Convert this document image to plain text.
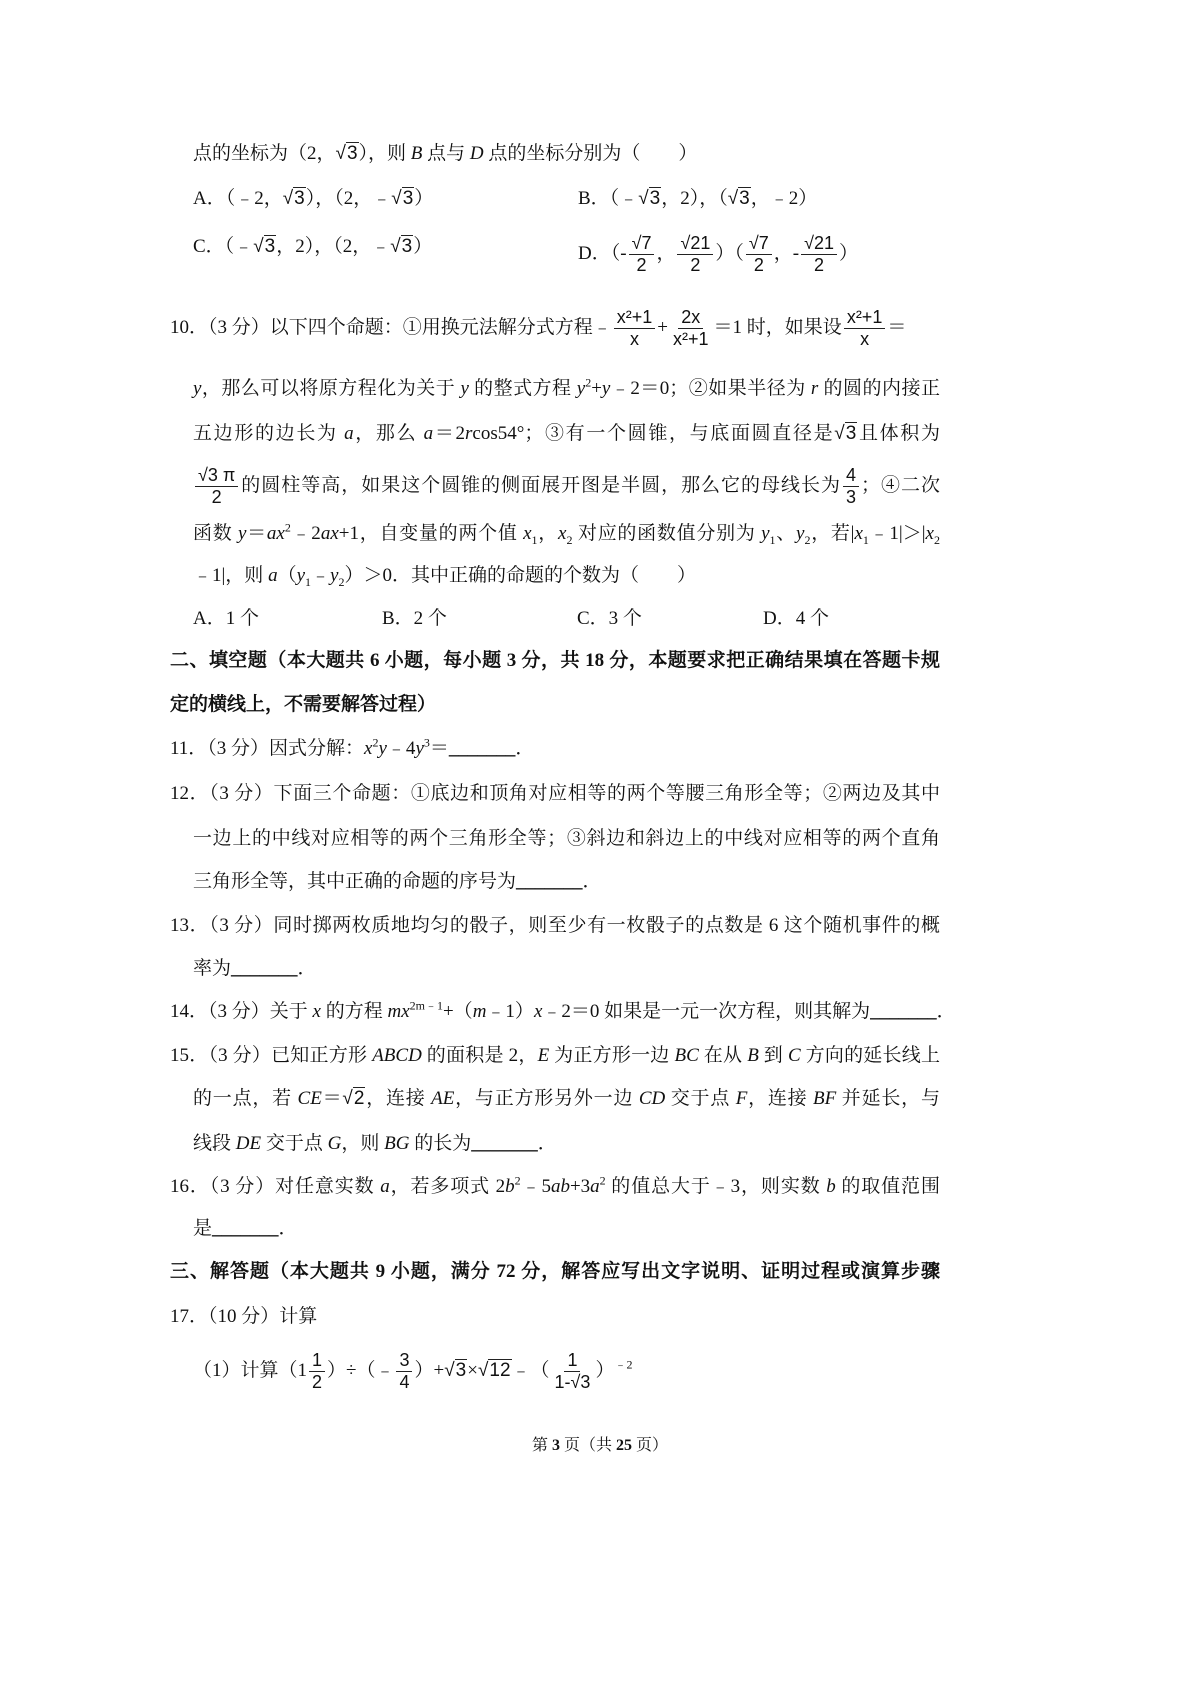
点的坐标为（2，√3），则 B 点与 D 点的坐标分别为（　　）
A．（﹣2，√3），（2，﹣√3）	B．（﹣√3，2），（√3，﹣2）
C．（﹣√3，2），（2，﹣√3）	D．（- $\frac{√7}{2}$ ， $\frac{√21}{2}$ ）（ $\frac{√7}{2}$ ，- $\frac{√21}{2}$ ）
10．（3 分）以下四个命题：①用换元法解分式方程﹣ $\frac{\text{x²+1}}{x} + \frac{2x}{\text{x²+1}} =1$ 时，如果设 $\frac{\text{x²+1}}{x}$ ＝
y，那么可以将原方程化为关于 y 的整式方程 $y^2+y﹣2=0$；②如果半径为 r 的圆的内接正
五边形的边长为 a，那么 a＝2rcos54°；③有一个圆锥，与底面圆直径是√3且体积为
$\frac{√3 \pi}{2}$ 的圆柱等高，如果这个圆锥的侧面展开图是半圆，那么它的母线长为 $\frac{4}{3}$ ；④二次
函数 $y=ax^2﹣2ax+1$，自变量的两个值 $x_1$，$x_2$ 对应的函数值分别为 $y_1$、$y_2$，若$|x_1﹣1|>|x_2$
﹣1|，则 $a(y_1﹣y_2)>0$．其中正确的命题的个数为（　　）
A．1 个	B．2 个	C．3 个	D．4 个
二、填空题（本大题共 6 小题，每小题 3 分，共 18 分，本题要求把正确结果填在答题卡规
定的横线上，不需要解答过程）
11．（3 分）因式分解：$x^2y﹣4y^3=\_\_\_\_\_\_\_$．
12．（3 分）下面三个命题：①底边和顶角对应相等的两个等腰三角形全等；②两边及其中
一边上的中线对应相等的两个三角形全等；③斜边和斜边上的中线对应相等的两个直角
三角形全等，其中正确的命题的序号为_______．
13．（3 分）同时掷两枚质地均匀的骰子，则至少有一枚骰子的点数是 6 这个随机事件的概
率为_______．
14．（3 分）关于 x 的方程 $mx^{2m﹣1}+(m﹣1)x﹣2=0$ 如果是一元一次方程，则其解为_______．
15．（3 分）已知正方形 ABCD 的面积是 2，E 为正方形一边 BC 在从 B 到 C 方向的延长线上
的一点，若 CE＝√2，连接 AE，与正方形另外一边 CD 交于点 F，连接 BF 并延长，与
线段 DE 交于点 G，则 BG 的长为_______．
16．（3 分）对任意实数 a，若多项式 $2b^2﹣5ab+3a^2$ 的值总大于﹣3，则实数 b 的取值范围
是_______．
三、解答题（本大题共 9 小题，满分 72 分，解答应写出文字说明、证明过程或演算步骤
17．（10 分）计算
（1）计算（$1 \frac{1}{2}$ ）÷（﹣ $\frac{3}{4}$ ）+√3×√12﹣（ $\frac{1}{1-√3} )^{﹣2}$
第 3 页（共 25 页）
